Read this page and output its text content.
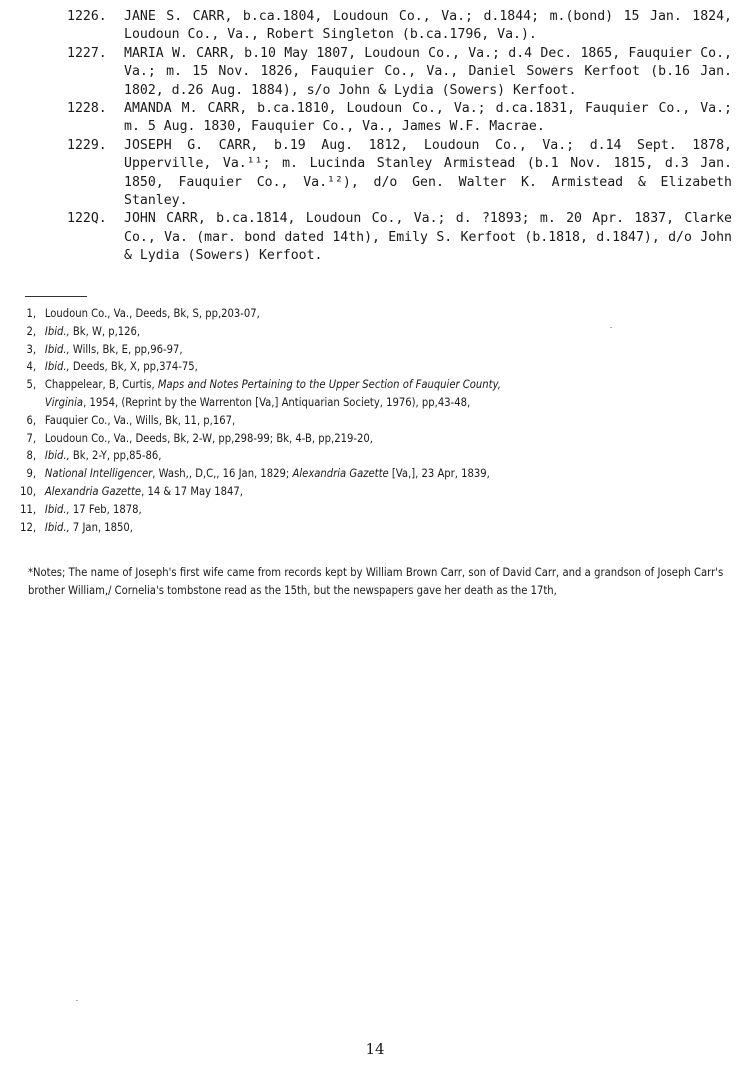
1226.	JANE S. CARR, b.ca.1804, Loudoun Co., Va.; d.1844; m.(bond) 15 Jan. 1824, Loudoun Co., Va., Robert Singleton (b.ca.1796, Va.).
1227.	MARIA W. CARR, b.10 May 1807, Loudoun Co., Va.; d.4 Dec. 1865, Fauquier Co., Va.; m. 15 Nov. 1826, Fauquier Co., Va., Daniel Sowers Kerfoot (b.16 Jan. 1802, d.26 Aug. 1884), s/o John & Lydia (Sowers) Kerfoot.
1228.	AMANDA M. CARR, b.ca.1810, Loudoun Co., Va.; d.ca.1831, Fauquier Co., Va.; m. 5 Aug. 1830, Fauquier Co., Va., James W.F. Macrae.
1229.	JOSEPH G. CARR, b.19 Aug. 1812, Loudoun Co., Va.; d.14 Sept. 1878, Upperville, Va.¹¹; m. Lucinda Stanley Armistead (b.1 Nov. 1815, d.3 Jan. 1850, Fauquier Co., Va.¹²), d/o Gen. Walter K. Armistead & Elizabeth Stanley.
122Q.	JOHN CARR, b.ca.1814, Loudoun Co., Va.; d. ?1893; m. 20 Apr. 1837, Clarke Co., Va. (mar. bond dated 14th), Emily S. Kerfoot (b.1818, d.1847), d/o John & Lydia (Sowers) Kerfoot.
1, Loudoun Co., Va., Deeds, Bk, S, pp,203-07,
2, Ibid., Bk, W, p,126,
3, Ibid., Wills, Bk, E, pp,96-97,
4, Ibid., Deeds, Bk, X, pp,374-75,
5, Chappelear, B, Curtis, Maps and Notes Pertaining to the Upper Section of Fauquier County,
Virginia, 1954, (Reprint by the Warrenton [Va,] Antiquarian Society, 1976), pp,43-48,
6, Fauquier Co., Va., Wills, Bk, 11, p,167,
7, Loudoun Co., Va., Deeds, Bk, 2-W, pp,298-99; Bk, 4-B, pp,219-20,
8, Ibid., Bk, 2-Y, pp,85-86,
9, National Intelligencer, Wash,, D,C,, 16 Jan, 1829; Alexandria Gazette [Va,], 23 Apr, 1839,
10, Alexandria Gazette, 14 & 17 May 1847,
11, Ibid., 17 Feb, 1878,
12, Ibid., 7 Jan, 1850,

*Notes; The name of Joseph's first wife came from records kept by William Brown Carr, son of David Carr, and a grandson of Joseph Carr's brother William,/ Cornelia's tombstone read as the 15th, but the newspapers gave her death as the 17th,

14
